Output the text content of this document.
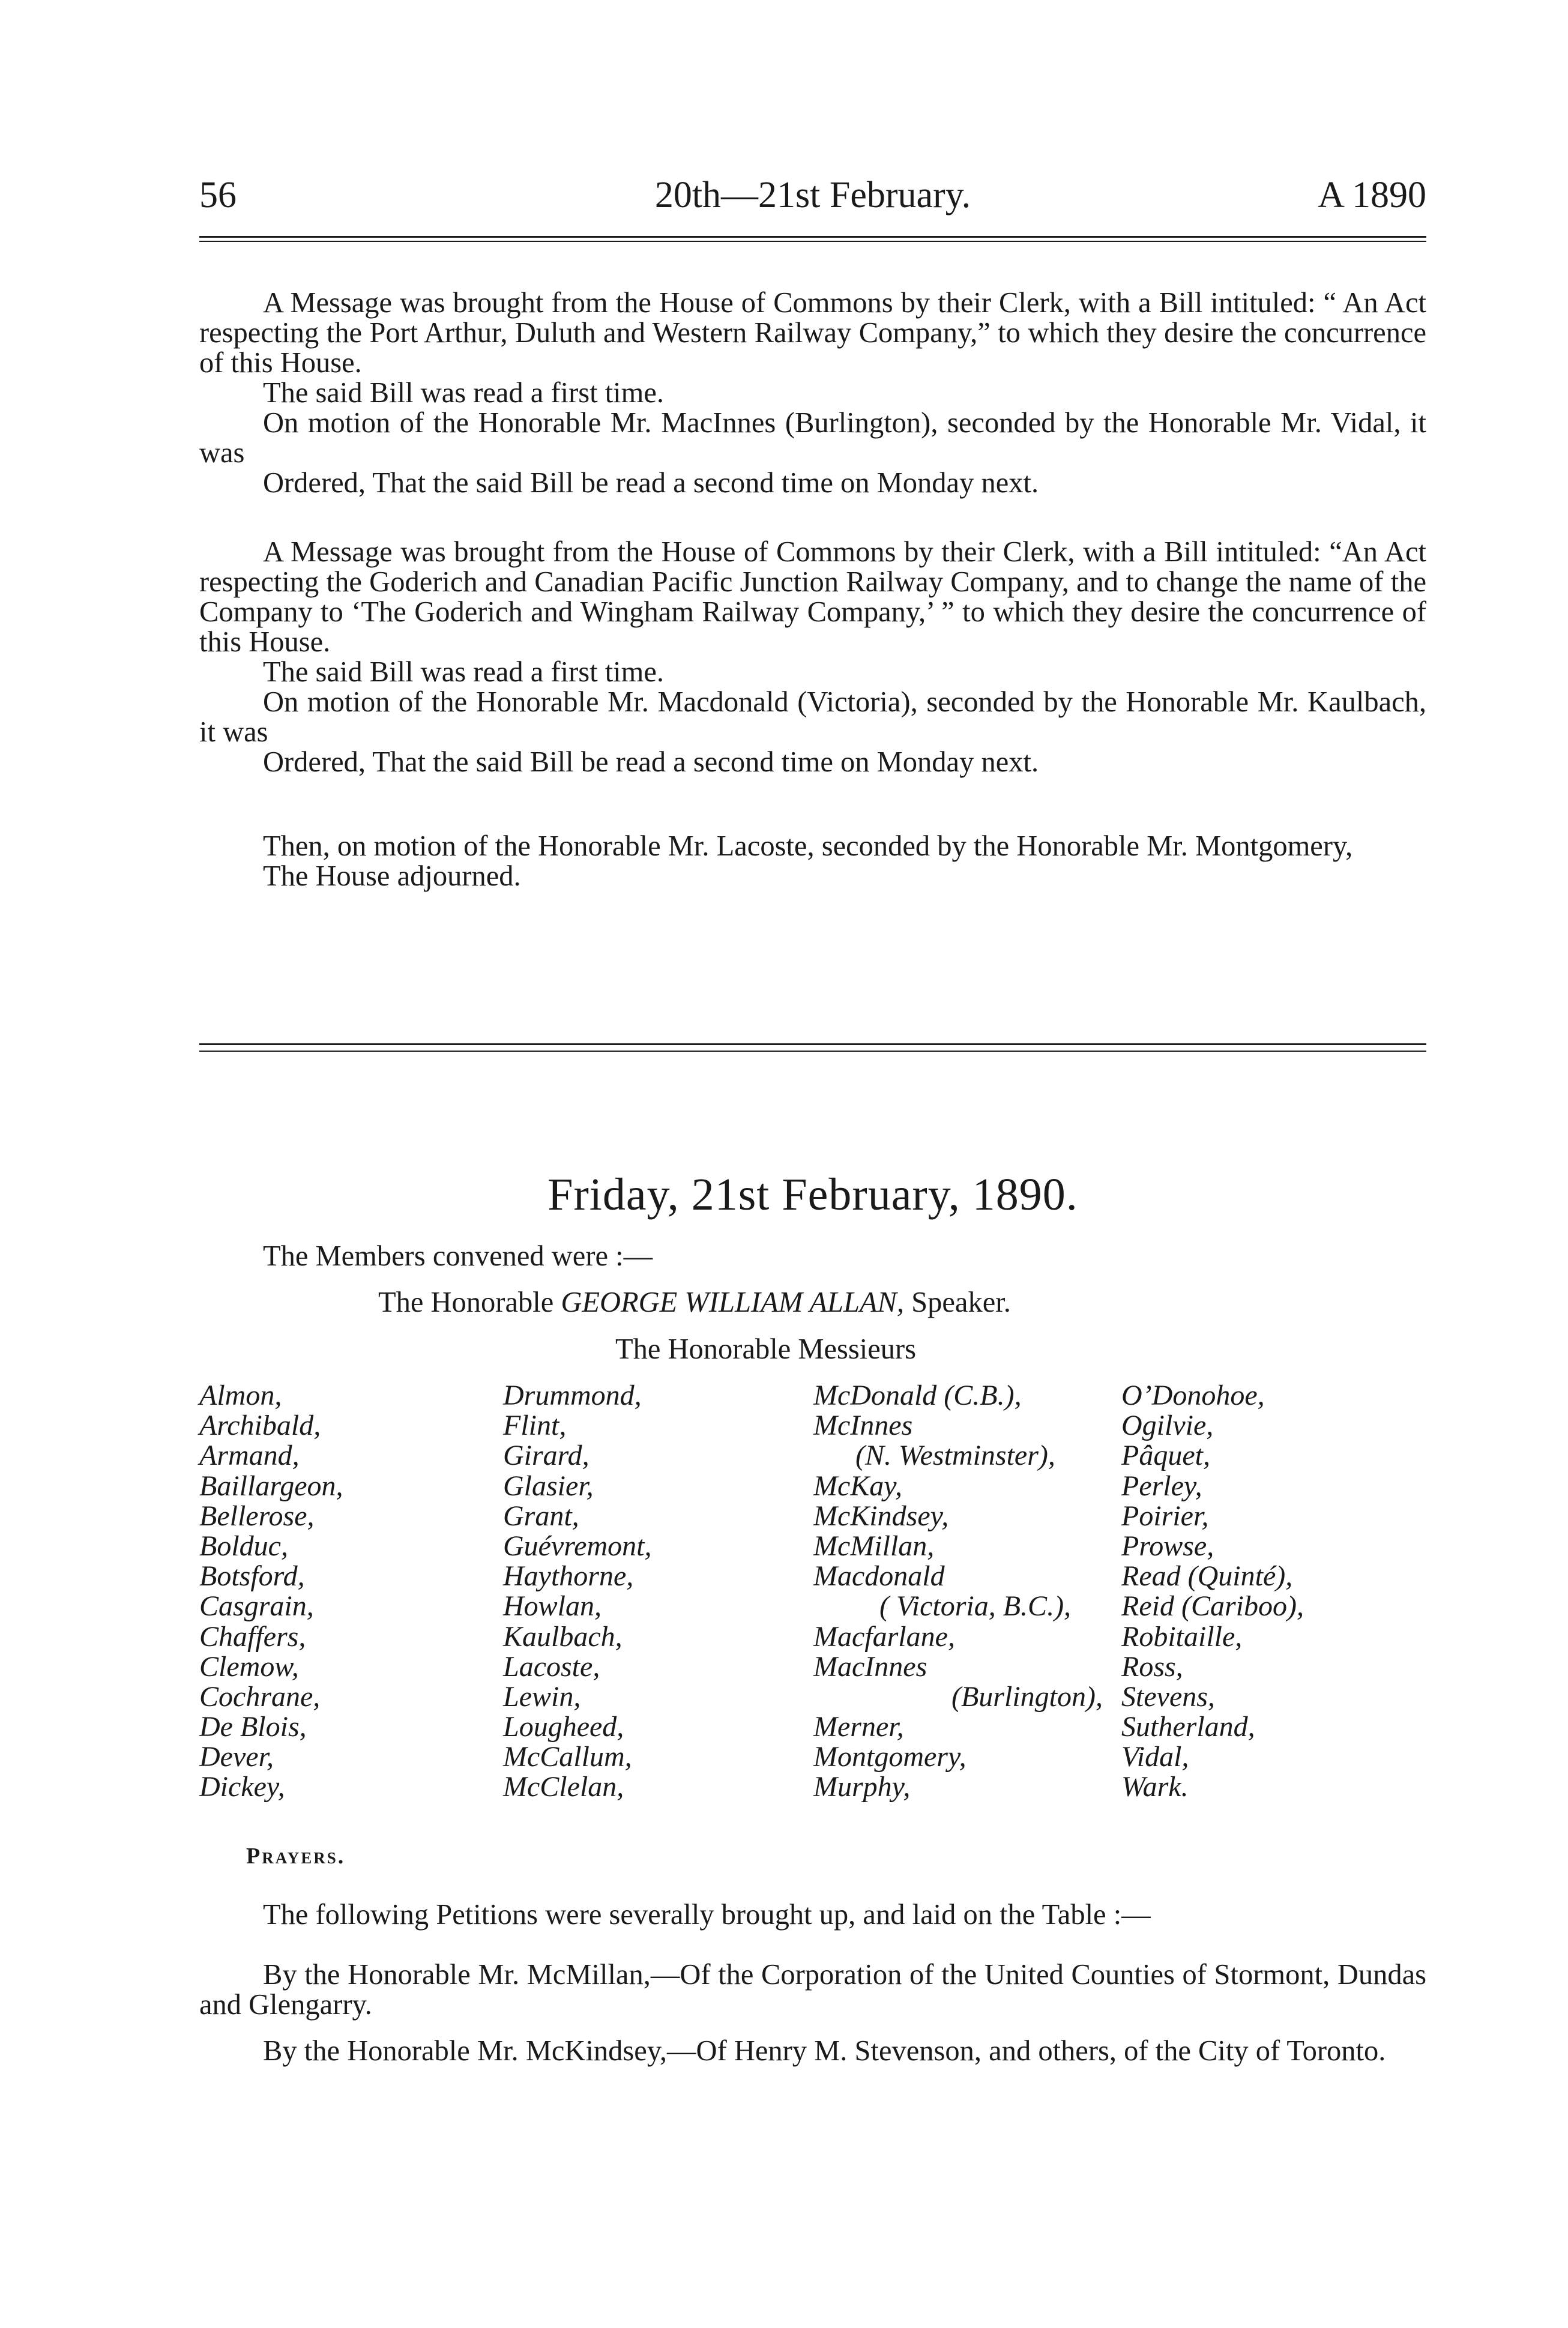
56	20th—21st February.	A 1890

A Message was brought from the House of Commons by their Clerk, with a Bill intituled: “ An Act respecting the Port Arthur, Duluth and Western Railway Company,” to which they desire the concurrence of this House.

The said Bill was read a first time.

On motion of the Honorable Mr. MacInnes (Burlington), seconded by the Honorable Mr. Vidal, it was

Ordered, That the said Bill be read a second time on Monday next.

A Message was brought from the House of Commons by their Clerk, with a Bill intituled: “An Act respecting the Goderich and Canadian Pacific Junction Railway Company, and to change the name of the Company to ‘The Goderich and Wingham Railway Company,’ ” to which they desire the concurrence of this House.

The said Bill was read a first time.

On motion of the Honorable Mr. Macdonald (Victoria), seconded by the Honorable Mr. Kaulbach, it was

Ordered, That the said Bill be read a second time on Monday next.

Then, on motion of the Honorable Mr. Lacoste, seconded by the Honorable Mr. Montgomery,

The House adjourned.

Friday, 21st February, 1890.
The Members convened were :—
The Honorable GEORGE WILLIAM ALLAN, Speaker.
The Honorable Messieurs
Almon,
Archibald,
Armand,
Baillargeon,
Bellerose,
Bolduc,
Botsford,
Casgrain,
Chaffers,
Clemow,
Cochrane,
De Blois,
Dever,
Dickey,
Drummond,
Flint,
Girard,
Glasier,
Grant,
Guévremont,
Haythorne,
Howlan,
Kaulbach,
Lacoste,
Lewin,
Lougheed,
McCallum,
McClelan,
McDonald (C.B.),
McInnes
(N. Westminster),
McKay,
McKindsey,
McMillan,
Macdonald
( Victoria, B.C.),
Macfarlane,
MacInnes
(Burlington),
Merner,
Montgomery,
Murphy,
O’Donohoe,
Ogilvie,
Pâquet,
Perley,
Poirier,
Prowse,
Read (Quinté),
Reid (Cariboo),
Robitaille,
Ross,
Stevens,
Sutherland,
Vidal,
Wark.
Prayers.

The following Petitions were severally brought up, and laid on the Table :—

By the Honorable Mr. McMillan,—Of the Corporation of the United Counties of Stormont, Dundas and Glengarry.

By the Honorable Mr. McKindsey,—Of Henry M. Stevenson, and others, of the City of Toronto.
